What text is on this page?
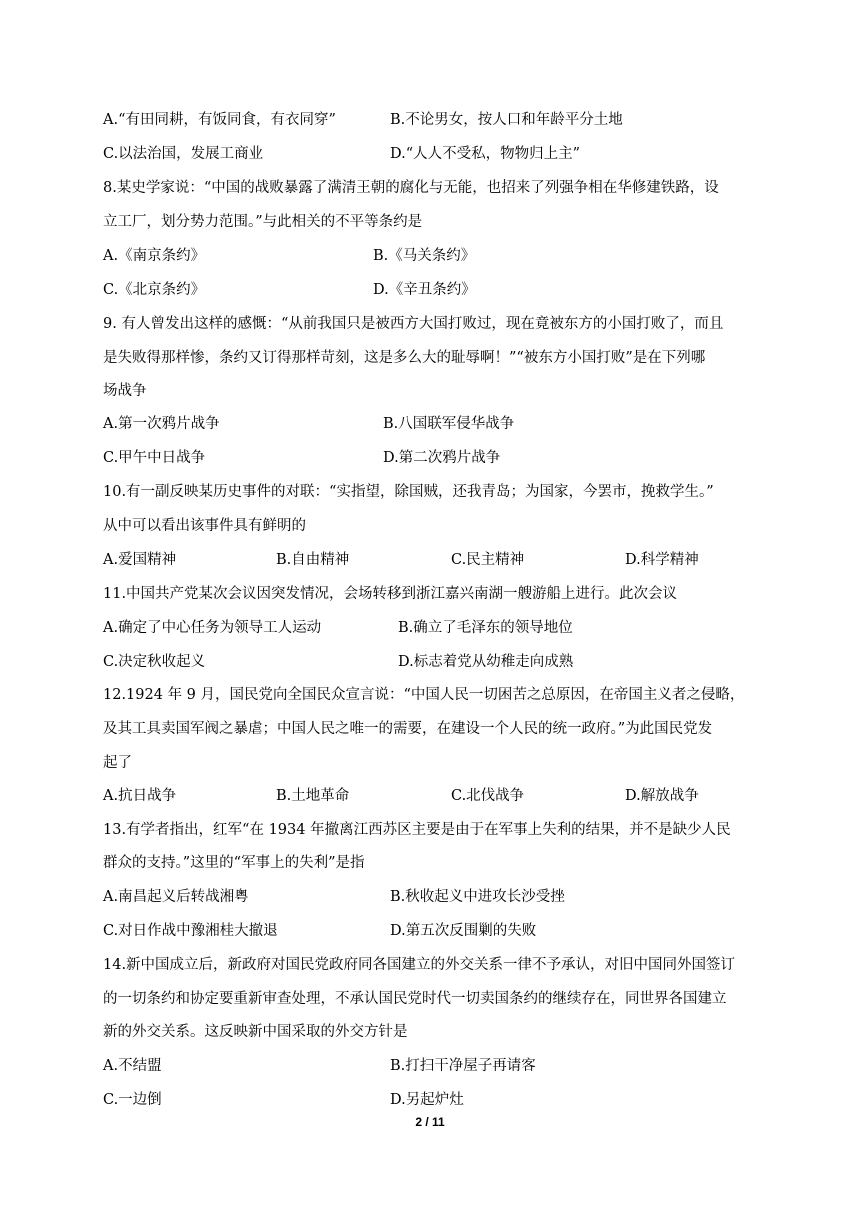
A.“有田同耕，有饭同食，有衣同穿”	B.不论男女，按人口和年龄平分土地
C.以法治国，发展工商业	D.“人人不受私，物物归上主”
8.某史学家说：“中国的战败暴露了满清王朝的腐化与无能，也招来了列强争相在华修建铁路，设
立工厂，划分势力范围。”与此相关的不平等条约是
A.《南京条约》	B.《马关条约》
C.《北京条约》	D.《辛丑条约》
9. 有人曾发出这样的感慨：“从前我国只是被西方大国打败过，现在竟被东方的小国打败了，而且
是失败得那样惨，条约又订得那样苛刻，这是多么大的耻辱啊！”“被东方小国打败”是在下列哪
场战争
A.第一次鸦片战争	B.八国联军侵华战争
C.甲午中日战争	D.第二次鸦片战争
10.有一副反映某历史事件的对联：“实指望，除国贼，还我青岛；为国家，今罢市，挽救学生。”
从中可以看出该事件具有鲜明的
A.爱国精神	B.自由精神	C.民主精神	D.科学精神
11.中国共产党某次会议因突发情况，会场转移到浙江嘉兴南湖一艘游船上进行。此次会议
A.确定了中心任务为领导工人运动	B.确立了毛泽东的领导地位
C.决定秋收起义	D.标志着党从幼稚走向成熟
12.1924 年 9 月，国民党向全国民众宣言说：“中国人民一切困苦之总原因，在帝国主义者之侵略，
及其工具卖国军阀之暴虐；中国人民之唯一的需要，在建设一个人民的统一政府。”为此国民党发
起了
A.抗日战争	B.土地革命	C.北伐战争	D.解放战争
13.有学者指出，红军“在 1934 年撤离江西苏区主要是由于在军事上失利的结果，并不是缺少人民
群众的支持。”这里的“军事上的失利”是指
A.南昌起义后转战湘粤	B.秋收起义中进攻长沙受挫
C.对日作战中豫湘桂大撤退	D.第五次反围剿的失败
14.新中国成立后，新政府对国民党政府同各国建立的外交关系一律不予承认，对旧中国同外国签订
的一切条约和协定要重新审查处理，不承认国民党时代一切卖国条约的继续存在，同世界各国建立
新的外交关系。这反映新中国采取的外交方针是
A.不结盟	B.打扫干净屋子再请客
C.一边倒	D.另起炉灶
2 / 11
